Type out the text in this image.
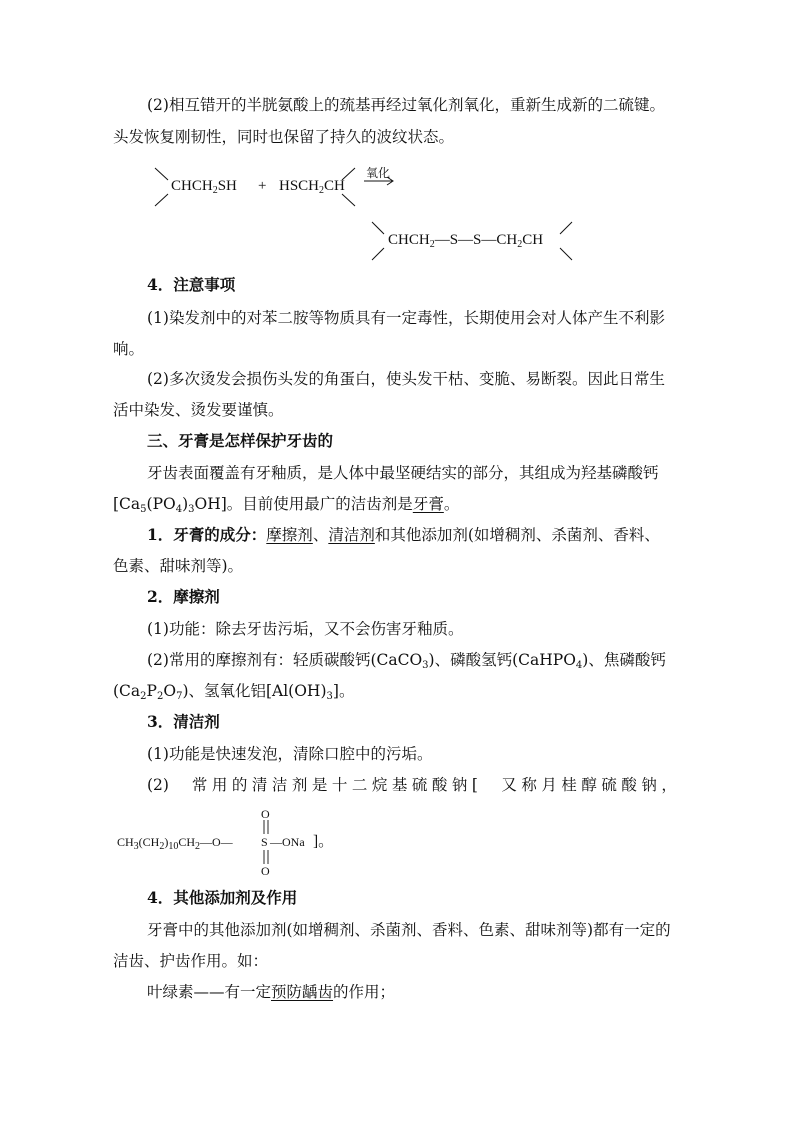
(2)相互错开的半胱氨酸上的巯基再经过氧化剂氧化，重新生成新的二硫键。
头发恢复刚韧性，同时也保留了持久的波纹状态。
$CHCH_2SH$ + $HSCH_2CH$
氧化
$CHCH_2—S—S—CH_2CH$
4．注意事项
(1)染发剂中的对苯二胺等物质具有一定毒性，长期使用会对人体产生不利影
响。
(2)多次烫发会损伤头发的角蛋白，使头发干枯、变脆、易断裂。因此日常生
活中染发、烫发要谨慎。
三、牙膏是怎样保护牙齿的
牙齿表面覆盖有牙釉质，是人体中最坚硬结实的部分，其组成为羟基磷酸钙
$[Ca_5(PO_4)_3OH]$。目前使用最广的洁齿剂是牙膏。
1．牙膏的成分：摩擦剂、清洁剂和其他添加剂(如增稠剂、杀菌剂、香料、
色素、甜味剂等)。
2．摩擦剂
(1)功能：除去牙齿污垢，又不会伤害牙釉质。
(2)常用的摩擦剂有：轻质碳酸钙(CaCO$_3$)、磷酸氢钙(CaHPO$_4$)、焦磷酸钙
$(Ca_2P_2O_7)$、氢氧化铝$[Al(OH)_3]$。
3．清洁剂
(1)功能是快速发泡，清除口腔中的污垢。
(2) 常用的清洁剂是十二烷基硫酸钠[ 又称月桂醇硫酸钠，
$CH_3(CH_2)_{10}CH_2—O—$ S —ONa ]。
O
O
4．其他添加剂及作用
牙膏中的其他添加剂(如增稠剂、杀菌剂、香料、色素、甜味剂等)都有一定的
洁齿、护齿作用。如：
叶绿素——有一定预防龋齿的作用；
